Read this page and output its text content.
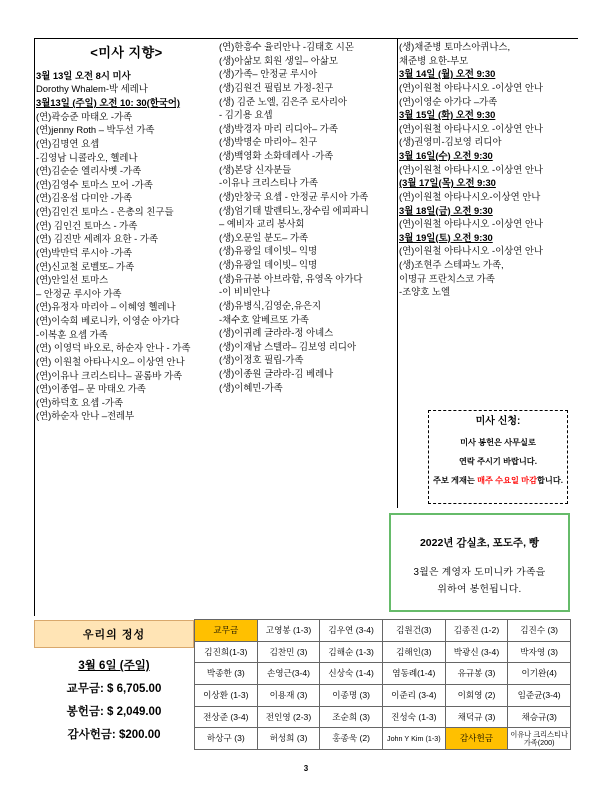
<미사 지향>
3월 13일 오전 8시 미사
Dorothy Whalem-박 세레나
3월13일 (주일) 오전 10: 30(한국어)
(연)곽승준 마태오 -가족
(연)jenny Roth – 박두선 가족
(연)김명연 요셉
-김영남 니콜라오, 헬레나
(연)김순순 엘리사벳 -가족
(연)김영수 토마스 모어 -가족
(연)김옹섭 다미안 -가족
(연)김인건 토마스 - 은총의 친구들
(연) 김인건 토마스 - 가족
(연) 김진만 세례자 요한 - 가족
(연)박만덕 루시아 -가족
(연)신교철 로벨또– 가족
(연)안일선 토마스
– 안정균 루시아 가족
(연)유정자 마리아 – 이혜영 헬레나
(연)이숙희 베로니카, 이영순 아가다
-이복훈 요셉 가족
(연) 이영덕 바오로, 하순자 안나 - 가족
(연) 이원철 아타나시오– 이상연 안나
(연)이유나 크리스티나– 골롬바 가족
(연)이종엽– 문 마태오 가족
(연)하덕호 요셉 -가족
(연)하순자 안나 –전레부
(연)한흥수 율리안나 -김태호 시몬
(생)아삶모 회원 생일– 아삶모
(생)가족– 안정균 루시아
(생)김원건 필립보 가정-친구
(생) 김준 노엘, 김은주 로사리아
- 김기용 요셉
(생)박경자 마리 리디아– 가족
(생)박명순 마리아– 친구
(생)백영화 소화데레사 -가족
(생)본당 신자분들
-이유나 크리스티나 가족
(생)안창국 요셉 - 안정균 루시아 가족
(생)엄기태 발렌티노,장수림 에피파니
– 예비자 교리 봉사회
(생)오문일 분도– 가족
(생)유광일 데이빗– 익명
(생)유광일 데이빗– 익명
(생)유규봉 아브라함, 유영옥 아가다
-이 비비안나
(생)유병식,김영순,유은지
-채수호 알베르또 가족
(생)이귀례 글라라-정 아녜스
(생)이재남 스텔라– 김보영 리디아
(생)이정호 필립-가족
(생)이종원 글라라-김 베레나
(생)이혜민-가족
(생)채준병 토마스아퀴나스,
채준병 요한-부모
3월 14일 (월) 오전 9:30
(연)이원철 아타나시오 -이상연 안나
(연)이영순 아가다 –가족
3월 15일 (화) 오전 9:30
(연)이원철 아타나시오 -이상연 안나
(생)권영미-김보영 리디아
3월 16일(수) 오전 9:30
(연)이원철 아타나시오 -이상연 안나
(3월 17일(목) 오전 9:30
(연)이원철 아타나시오-이상연 안나
3월 18일(금) 오전 9:30
(연)이원철 아타나시오 -이상연 안나
3월 19일(토) 오전 9:30
(연)이원철 아타나시오 -이상연 안나
(생)조현주 스테파노 가족,
이명규 프란치스코 가족
-조양호 노엘
미사 신청:
미사 봉헌은 사무실로
연락 주시기 바랍니다.
주보 게재는 매주 수요일 마감합니다.
2022년 감실초, 포도주, 빵
3월은 계영자 도미니카 가족을
위하여 봉헌됩니다.
우리의 정성
3월 6일 (주일)
교무금: $ 6,705.00
봉헌금: $ 2,049.00
감사헌금: $200.00
교무금	고영봉 (1-3)	김우연 (3-4)	김원건(3)	김종진 (1-2)	김진수 (3)
김진희(1-3)	김찬민 (3)	김해순 (1-3)	김해인(3)	박광신 (3-4)	박자영 (3)
박종한 (3)	손영근(3-4)	신상숙 (1-4)	염동례(1-4)	유규봉 (3)	이기완(4)
이상환 (1-3)	이용재 (3)	이종명 (3)	이준리 (3-4)	이회영 (2)	임준균(3-4)
전상준 (3-4)	전인영 (2-3)	조순희 (3)	진성숙 (1-3)	채덕규 (3)	채승규(3)
하상구 (3)	허성희 (3)	홍종욱 (2)	John Y Kim (1-3)	감사헌금	이유나 크리스티나 가족(200)
3
